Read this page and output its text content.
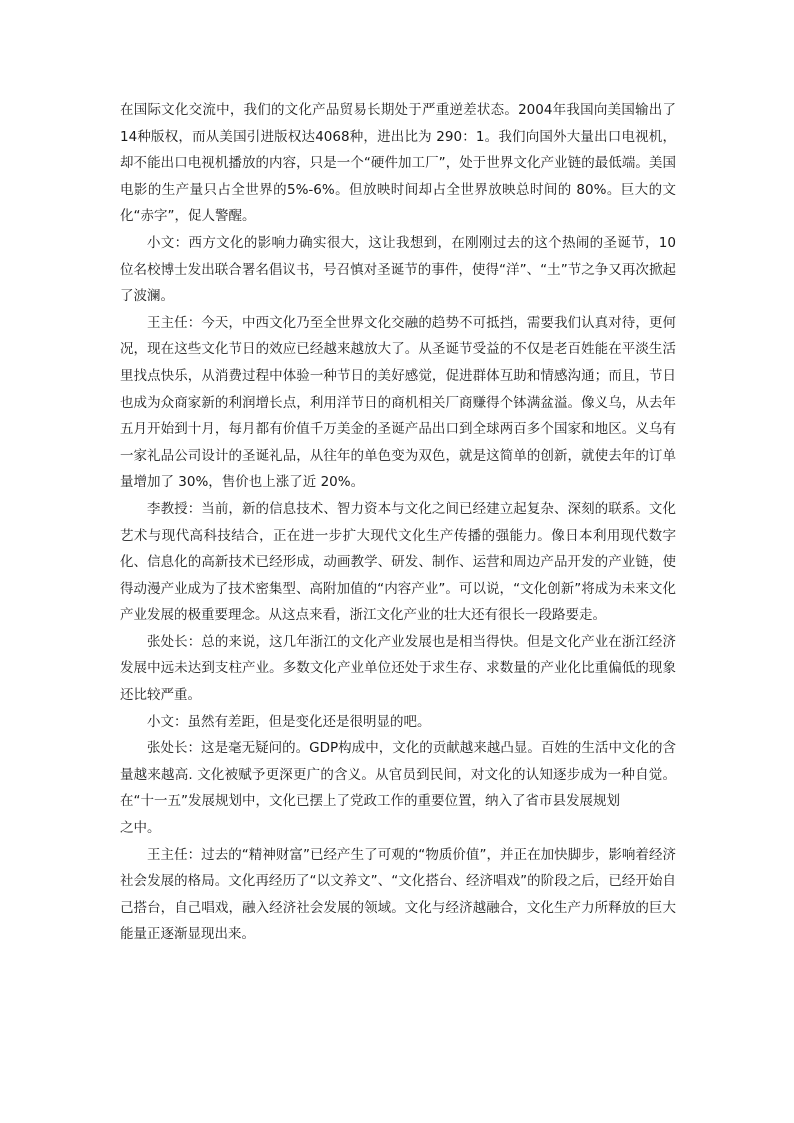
在国际文化交流中，我们的文化产品贸易长期处于严重逆差状态。2004年我国向美国输出了 14种版权，而从美国引进版权达4068种，进出比为 290：1。我们向国外大量出口电视机，却不能出口电视机播放的内容，只是一个“硬件加工厂”，处于世界文化产业链的最低端。美国电影的生产量只占全世界的5%-6%。但放映时间却占全世界放映总时间的 80%。巨大的文化“赤字”，促人警醒。

小文：西方文化的影响力确实很大，这让我想到，在刚刚过去的这个热闹的圣诞节，10位名校博士发出联合署名倡议书，号召慎对圣诞节的事件，使得“洋”、“土”节之争又再次掀起了波澜。

王主任：今天，中西文化乃至全世界文化交融的趋势不可抵挡，需要我们认真对待，更何况，现在这些文化节日的效应已经越来越放大了。从圣诞节受益的不仅是老百姓能在平淡生活里找点快乐，从消费过程中体验一种节日的美好感觉，促进群体互助和情感沟通；而且，节日也成为众商家新的利润增长点，利用洋节日的商机相关厂商赚得个钵满盆溢。像义乌，从去年五月开始到十月，每月都有价值千万美金的圣诞产品出口到全球两百多个国家和地区。义乌有一家礼品公司设计的圣诞礼品，从往年的单色变为双色，就是这简单的创新，就使去年的订单量增加了 30%，售价也上涨了近 20%。

李教授：当前，新的信息技术、智力资本与文化之间已经建立起复杂、深刻的联系。文化艺术与现代高科技结合，正在进一步扩大现代文化生产传播的强能力。像日本利用现代数字化、信息化的高新技术已经形成，动画教学、研发、制作、运营和周边产品开发的产业链，使得动漫产业成为了技术密集型、高附加值的“内容产业”。可以说，“文化创新”将成为未来文化产业发展的极重要理念。从这点来看，浙江文化产业的壮大还有很长一段路要走。

张处长：总的来说，这几年浙江的文化产业发展也是相当得快。但是文化产业在浙江经济发展中远未达到支柱产业。多数文化产业单位还处于求生存、求数量的产业化比重偏低的现象还比较严重。

小文：虽然有差距，但是变化还是很明显的吧。

张处长：这是毫无疑问的。GDP构成中，文化的贡献越来越凸显。百姓的生活中文化的含量越来越高. 文化被赋予更深更广的含义。从官员到民间，对文化的认知逐步成为一种自觉。在“十一五”发展规划中，文化已摆上了党政工作的重要位置，纳入了省市县发展规划

之中。

王主任：过去的“精神财富”已经产生了可观的“物质价值”，并正在加快脚步，影响着经济社会发展的格局。文化再经历了“以文养文”、“文化搭台、经济唱戏”的阶段之后，已经开始自己搭台，自己唱戏，融入经济社会发展的领域。文化与经济越融合，文化生产力所释放的巨大能量正逐渐显现出来。
